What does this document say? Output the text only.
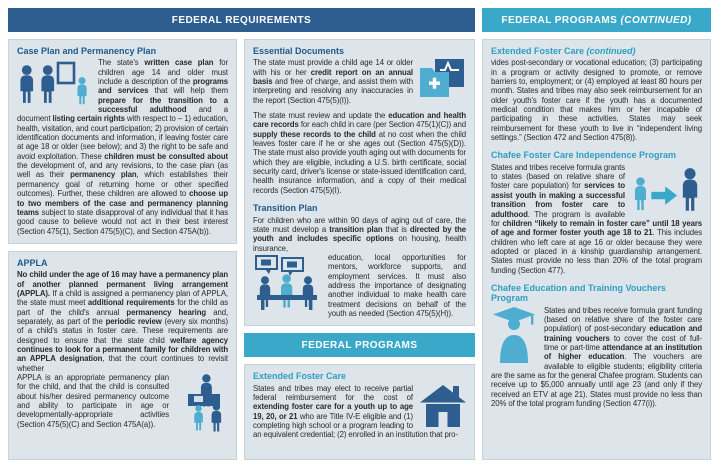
FEDERAL REQUIREMENTS	FEDERAL PROGRAMS (CONTINUED)
Case Plan and Permanency Plan
The state's written case plan for children age 14 and older must include a description of the programs and services that will help them prepare for the transition to a successful adulthood and a document listing certain rights with respect to – 1) education, health, visitation, and court participation; 2) provision of certain identification documents and information, if leaving foster care at age 18 or older (see below); and 3) the right to be safe and avoid exploitation. These children must be consulted about the development of, and any revisions, to the case plan (as well as their permanency plan, which establishes their permanency goal of returning home or other specified outcomes). Further, these children are allowed to choose up to two members of the case and permanency planning teams subject to state disapproval of any individual that it has good cause to believe would not act in their best interest (Section 475(1), Section 475(5)(C), and Section 475A(b)).
APPLA
No child under the age of 16 may have a permanency plan of another planned permanent living arrangement (APPLA). If a child is assigned a permanency plan of APPLA, the state must meet additional requirements for the child as part of the child's annual permanency hearing and, separately, as part of the periodic review (every six months) of a child's status in foster care. These requirements are designed to ensure that the state child welfare agency continues to look for a permanent family for children with an APPLA designation, that the court continues to revisit whether
APPLA is an appropriate permanency plan for the child, and that the child is consulted about his/her desired permanency outcome and ability to participate in age or developmentally-appropriate activities (Section 475(5)(C) and Section 475A(a)).
Essential Documents
The state must provide a child age 14 or older with his or her credit report on an annual basis and free of charge, and assist them with interpreting and resolving any inaccuracies in the report (Section 475(5)(I)).
The state must review and update the education and health care records for each child in care (per Section 475(1)(C)) and supply these records to the child at no cost when the child leaves foster care if he or she ages out (Section 475(5)(D)). The state must also provide youth aging out with documents for which they are eligible, including a U.S. birth certificate, social security card, driver's license or state-issued identification card, health insurance information, and a copy of their medical records (Section 475(5)(I).
Transition Plan
For children who are within 90 days of aging out of care, the state must develop a transition plan that is directed by the youth and includes specific options on housing, health insurance,
education, local opportunities for mentors, workforce supports, and employment services. It must also address the importance of designating another individual to make health care treatment decisions on behalf of the youth as needed (Section 475(5)(H)).
FEDERAL PROGRAMS
Extended Foster Care
States and tribes may elect to receive partial federal reimbursement for the cost of extending foster care for a youth up to age 19, 20, or 21 who are Title IV-E eligible and (1) completing high school or a program leading to an equivalent credential; (2) enrolled in an institution that pro-
Extended Foster Care (continued)
vides post-secondary or vocational education; (3) participating in a program or activity designed to promote, or remove barriers to, employment; or (4) employed at least 80 hours per month. States and tribes may also seek reimbursement for an older youth's foster care if the youth has a documented medical condition that makes him or her incapable of participating in these activities. States may seek reimbursement for these youth to live in “independent living settings.” (Section 472 and Section 475(8)).
Chafee Foster Care Independence Program
States and tribes receive formula grants to states (based on relative share of foster care population) for services to assist youth in making a successful transition from foster care to adulthood. The program is available for children “likely to remain in foster care” until 18 years of age and former foster youth age 18 to 21. This includes children who left care at age 16 or older because they were adopted or placed in a kinship guardianship arrangement. States must provide no less than 20% of the total program funding (Section 477).
Chafee Education and Training Vouchers Program
States and tribes receive formula grant funding (based on relative share of the foster care population) of post-secondary education and training vouchers to cover the cost of full-time or part-time attendance at an institution of higher education. The vouchers are available to eligible students; eligibility criteria are the same as for the general Chafee program. Students can receive up to $5,000 annually until age 23 (and only if they received an ETV at age 21). States must provide no less than 20% of the total program funding (Section 477(i)).
